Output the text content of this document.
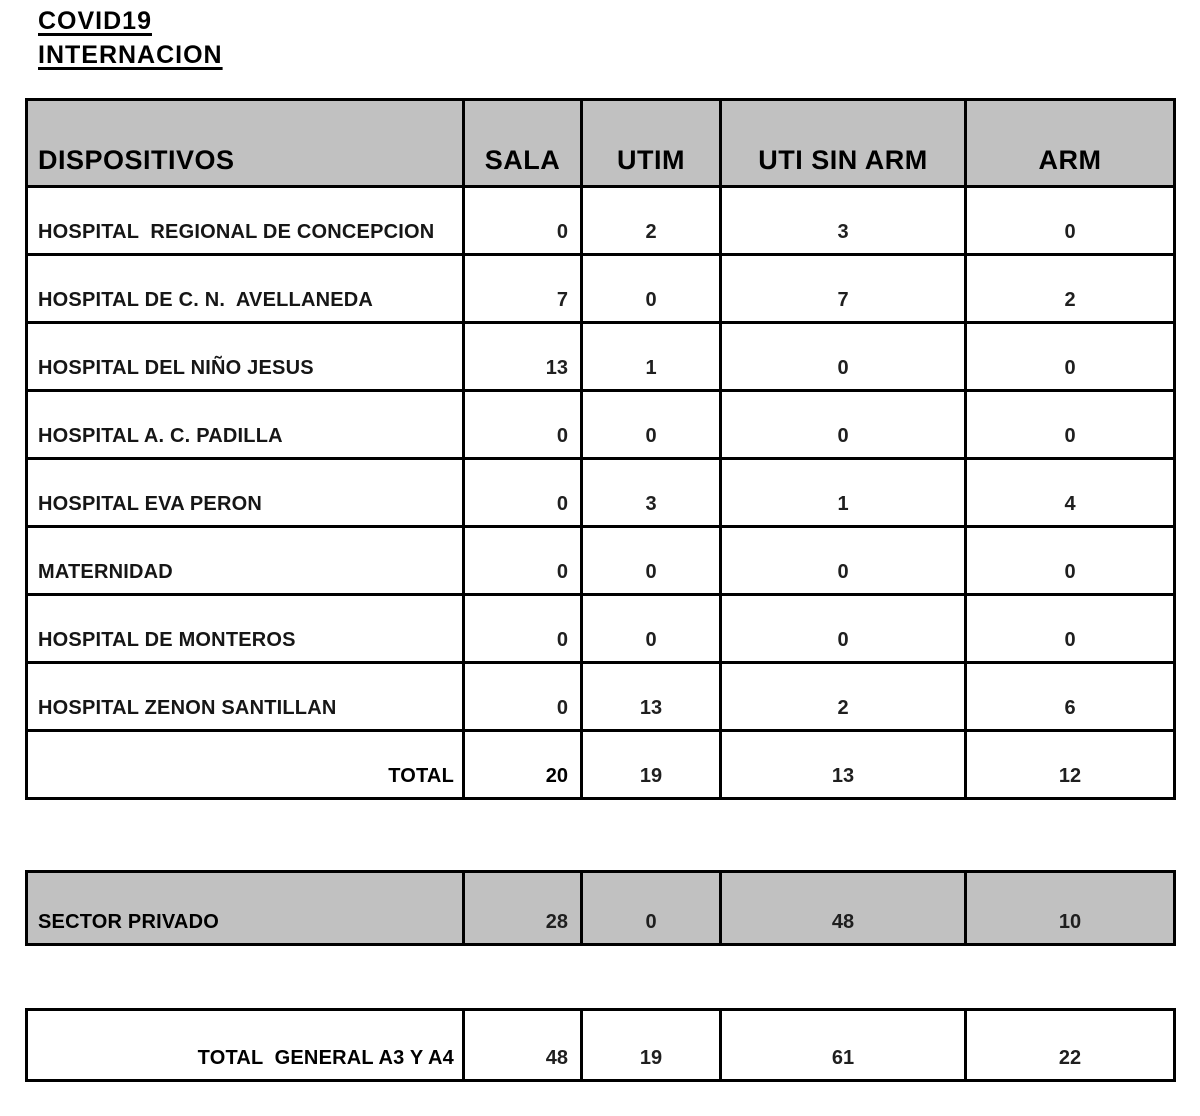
COVID19
INTERNACION
DISPOSITIVOS	SALA	UTIM	UTI SIN ARM	ARM
HOSPITAL  REGIONAL DE CONCEPCION	0	2	3	0
HOSPITAL DE C. N.  AVELLANEDA	7	0	7	2
HOSPITAL DEL NIÑO JESUS	13	1	0	0
HOSPITAL A. C. PADILLA	0	0	0	0
HOSPITAL EVA PERON	0	3	1	4
MATERNIDAD	0	0	0	0
HOSPITAL DE MONTEROS	0	0	0	0
HOSPITAL ZENON SANTILLAN	0	13	2	6
TOTAL	20	19	13	12
SECTOR PRIVADO	28	0	48	10
TOTAL  GENERAL A3 Y A4	48	19	61	22
